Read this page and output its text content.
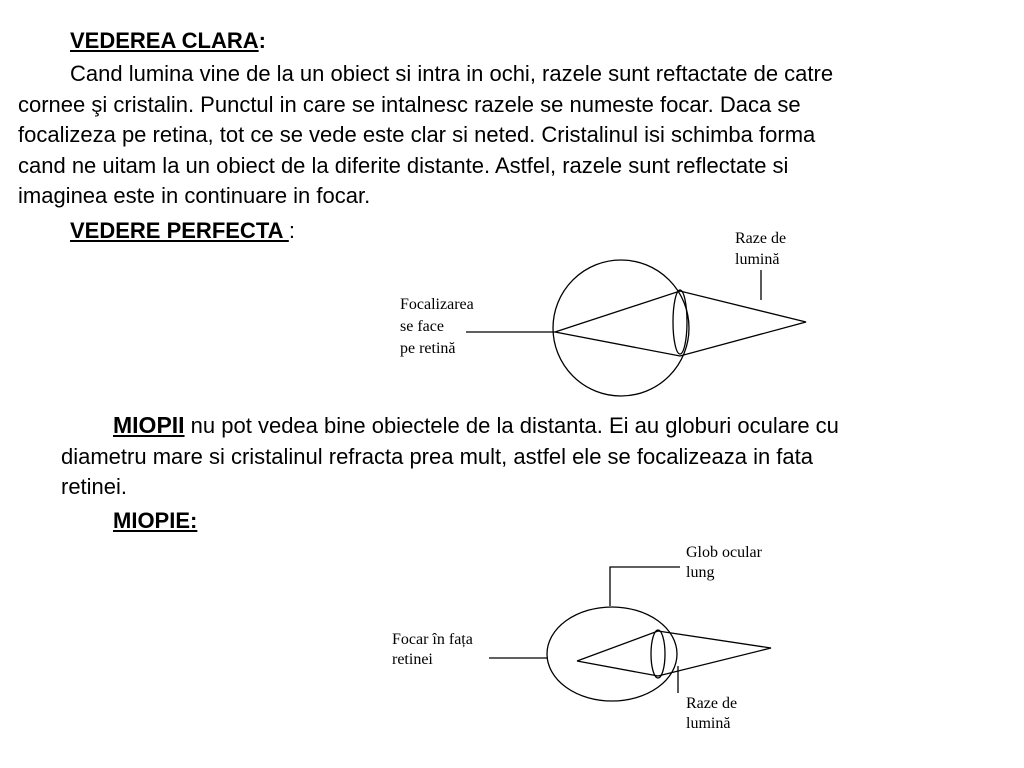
VEDEREA CLARA:
Cand lumina vine de la un obiect si intra in ochi, razele sunt reftactate de catre
cornee şi cristalin. Punctul in care se intalnesc razele se numeste focar. Daca se
focalizeza pe retina, tot ce se vede este clar si neted. Cristalinul isi schimba forma
cand ne uitam la un obiect de la diferite distante. Astfel, razele sunt reflectate si
imaginea este in continuare in focar.
VEDERE PERFECTA :	Raze de lumină
Focalizarea se face pe retină
MIOPII nu pot vedea bine obiectele de la distanta. Ei au globuri oculare cu
diametru mare si cristalinul refracta prea mult, astfel ele se focalizeaza in fata
retinei.
MIOPIE:
Glob ocular lung
Focar în fața retinei
Raze de lumină
